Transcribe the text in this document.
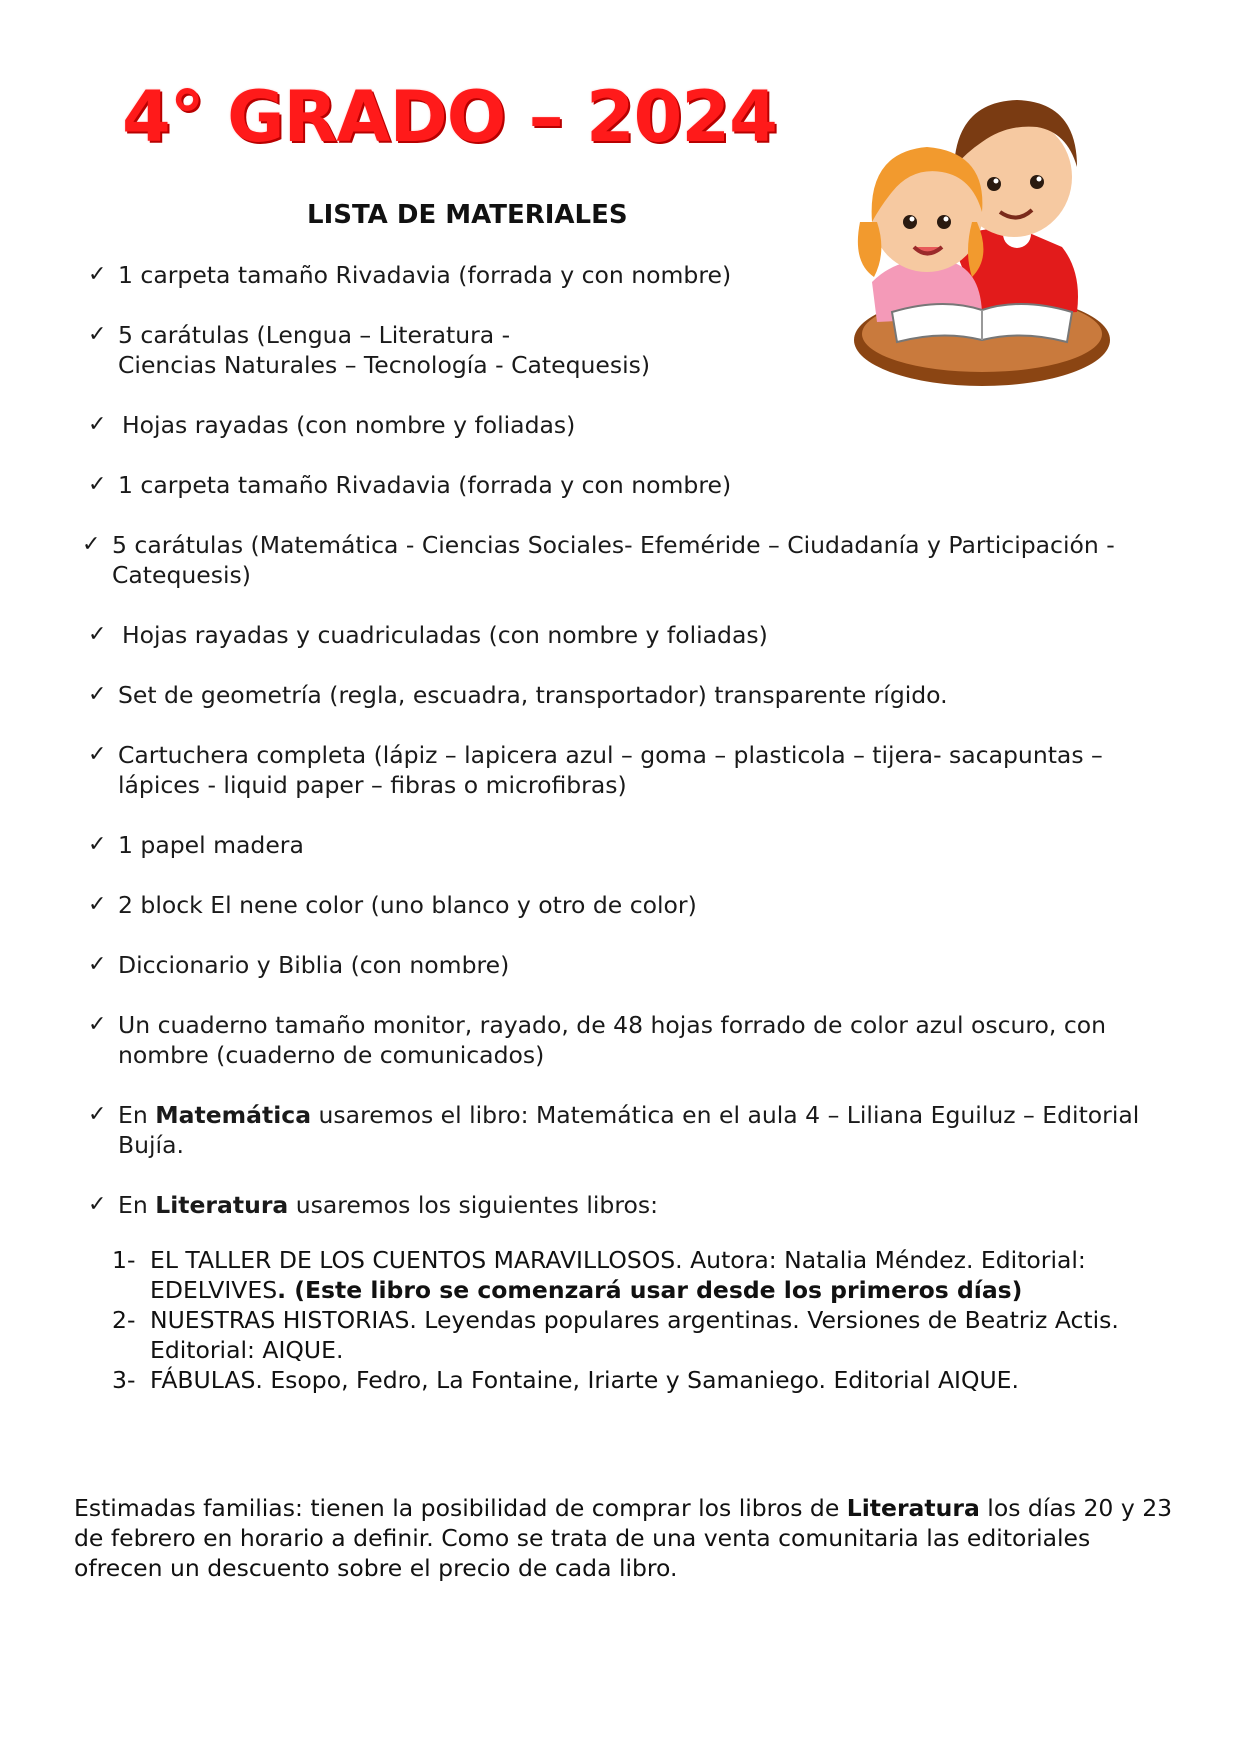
4° GRADO – 2024
LISTA DE MATERIALES
✓ 1 carpeta tamaño Rivadavia (forrada y con nombre)
✓ 5 carátulas (Lengua – Literatura -
Ciencias Naturales – Tecnología - Catequesis)
✓ Hojas rayadas (con nombre y foliadas)
✓ 1 carpeta tamaño Rivadavia (forrada y con nombre)
✓ 5 carátulas (Matemática - Ciencias Sociales- Efeméride – Ciudadanía y Participación -
Catequesis)
✓ Hojas rayadas y cuadriculadas (con nombre y foliadas)
✓ Set de geometría (regla, escuadra, transportador) transparente rígido.
✓ Cartuchera completa (lápiz – lapicera azul – goma – plasticola – tijera- sacapuntas –
lápices - liquid paper – fibras o microfibras)
✓ 1 papel madera
✓ 2 block El nene color (uno blanco y otro de color)
✓ Diccionario y Biblia (con nombre)
✓ Un cuaderno tamaño monitor, rayado, de 48 hojas forrado de color azul oscuro, con
nombre (cuaderno de comunicados)
✓ En Matemática usaremos el libro: Matemática en el aula 4 – Liliana Eguiluz – Editorial
Bujía.
✓ En Literatura usaremos los siguientes libros:
1- EL TALLER DE LOS CUENTOS MARAVILLOSOS. Autora: Natalia Méndez. Editorial:
EDELVIVES. (Este libro se comenzará usar desde los primeros días)
2- NUESTRAS HISTORIAS. Leyendas populares argentinas. Versiones de Beatriz Actis.
Editorial: AIQUE.
3- FÁBULAS. Esopo, Fedro, La Fontaine, Iriarte y Samaniego. Editorial AIQUE.
Estimadas familias: tienen la posibilidad de comprar los libros de Literatura los días 20 y 23
de febrero en horario a definir. Como se trata de una venta comunitaria las editoriales
ofrecen un descuento sobre el precio de cada libro.
